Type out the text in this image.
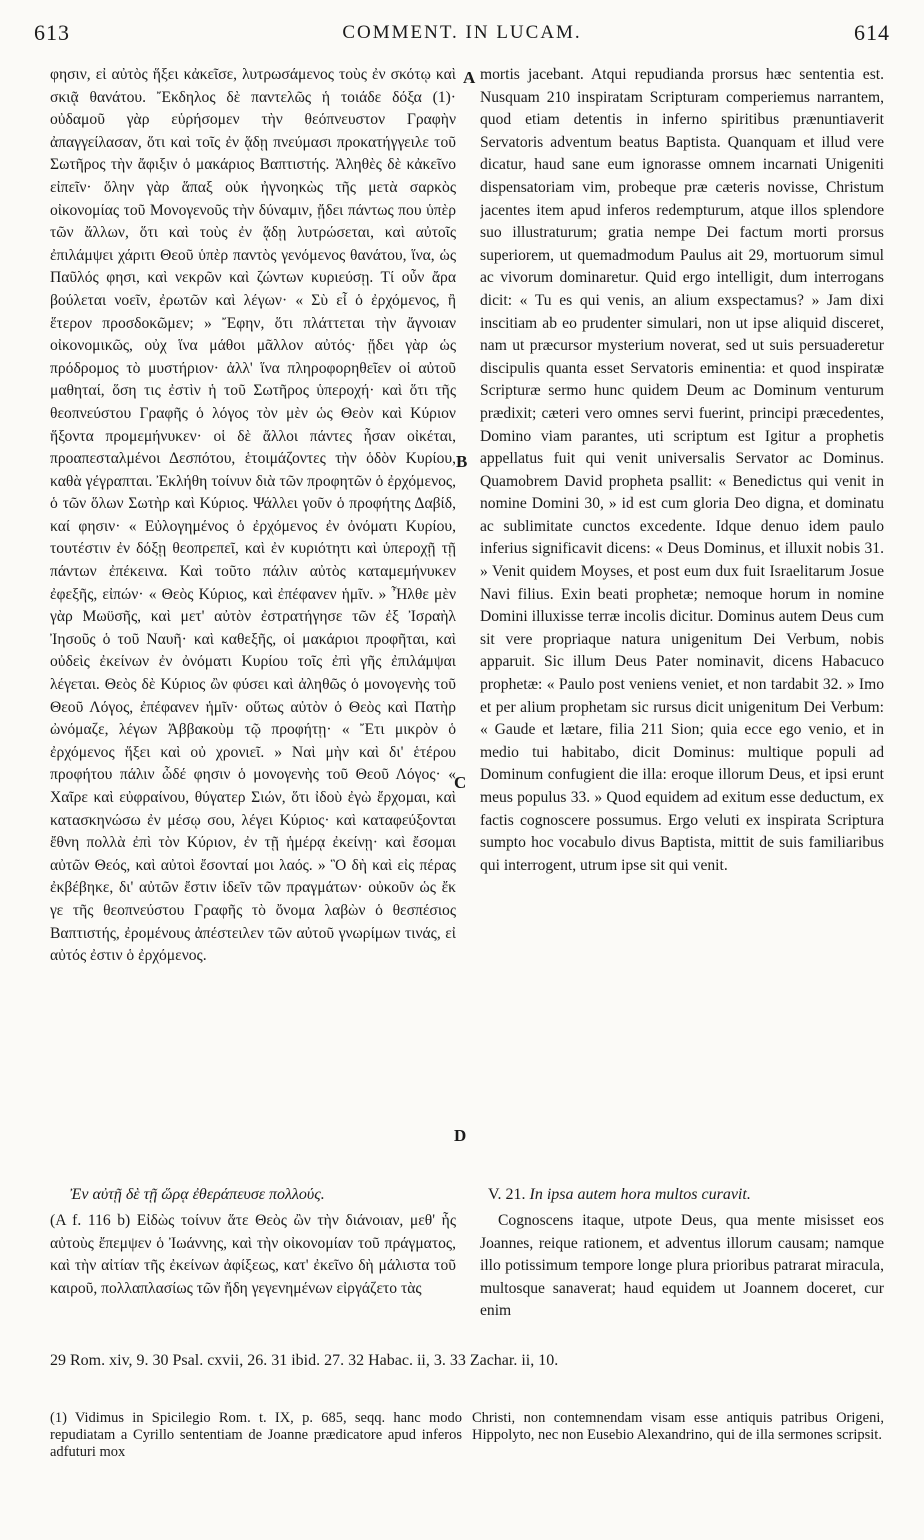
613	COMMENT. IN LUCAM.	614

φησιν, εἰ αὐτὸς ἥξει κἀκεῖσε, λυτρωσάμενος τοὺς ἐν σκότῳ καὶ σκιᾷ θανάτου. Ἔκδηλος δὲ παντελῶς ἡ τοιάδε δόξα (1)· οὐδαμοῦ γὰρ εὑρήσομεν τὴν θεόπνευστον Γραφὴν ἀπαγγείλασαν, ὅτι καὶ τοῖς ἐν ᾅδῃ πνεύμασι προκατήγγειλε τοῦ Σωτῆρος τὴν ἄφιξιν ὁ μακάριος Βαπτιστής. Ἀληθὲς δὲ κἀκεῖνο εἰπεῖν· ὅλην γὰρ ἅπαξ οὐκ ἠγνοηκὼς τῆς μετὰ σαρκὸς οἰκονομίας τοῦ Μονογενοῦς τὴν δύναμιν, ᾔδει πάντως που ὑπὲρ τῶν ἄλλων, ὅτι καὶ τοὺς ἐν ᾅδῃ λυτρώσεται, καὶ αὐτοῖς ἐπιλάμψει χάριτι Θεοῦ ὑπὲρ παντὸς γενόμενος θανάτου, ἵνα, ὡς Παῦλός φησι, καὶ νεκρῶν καὶ ζώντων κυριεύσῃ. Τί οὖν ἄρα βούλεται νοεῖν, ἐρωτῶν καὶ λέγων· « Σὺ εἶ ὁ ἐρχόμενος, ἢ ἕτερον προσδοκῶμεν; » Ἔφην, ὅτι πλάττεται τὴν ἄγνοιαν οἰκονομικῶς, οὐχ ἵνα μάθοι μᾶλλον αὐτός· ᾔδει γὰρ ὡς πρόδρομος τὸ μυστήριον· ἀλλ' ἵνα πληροφορηθεῖεν οἱ αὐτοῦ μαθηταί, ὅση τις ἐστὶν ἡ τοῦ Σωτῆρος ὑπεροχή· καὶ ὅτι τῆς θεοπνεύστου Γραφῆς ὁ λόγος τὸν μὲν ὡς Θεὸν καὶ Κύριον ἥξοντα προμεμήνυκεν· οἱ δὲ ἄλλοι πάντες ἦσαν οἰκέται, προαπεσταλμένοι Δεσπότου, ἑτοιμάζοντες τὴν ὁδὸν Κυρίου, καθὰ γέγραπται. Ἐκλήθη τοίνυν διὰ τῶν προφητῶν ὁ ἐρχόμενος, ὁ τῶν ὅλων Σωτὴρ καὶ Κύριος. Ψάλλει γοῦν ὁ προφήτης Δαβίδ, καί φησιν· « Εὐλογημένος ὁ ἐρχόμενος ἐν ὀνόματι Κυρίου, τουτέστιν ἐν δόξῃ θεοπρεπεῖ, καὶ ἐν κυριότητι καὶ ὑπεροχῇ τῇ πάντων ἐπέκεινα. Καὶ τοῦτο πάλιν αὐτὸς καταμεμήνυκεν ἐφεξῆς, εἰπών· « Θεὸς Κύριος, καὶ ἐπέφανεν ἡμῖν. » Ἦλθε μὲν γὰρ Μωϋσῆς, καὶ μετ' αὐτὸν ἐστρατήγησε τῶν ἐξ Ἰσραὴλ Ἰησοῦς ὁ τοῦ Ναυῆ· καὶ καθεξῆς, οἱ μακάριοι προφῆται, καὶ οὐδεὶς ἐκείνων ἐν ὀνόματι Κυρίου τοῖς ἐπὶ γῆς ἐπιλάμψαι λέγεται. Θεὸς δὲ Κύριος ὢν φύσει καὶ ἀληθῶς ὁ μονογενὴς τοῦ Θεοῦ Λόγος, ἐπέφανεν ἡμῖν· οὕτως αὐτὸν ὁ Θεὸς καὶ Πατὴρ ὠνόμαζε, λέγων Ἀββακοὺμ τῷ προφήτῃ· « Ἔτι μικρὸν ὁ ἐρχόμενος ἥξει καὶ οὐ χρονιεῖ. » Ναὶ μὴν καὶ δι' ἑτέρου προφήτου πάλιν ὧδέ φησιν ὁ μονογενὴς τοῦ Θεοῦ Λόγος· « Χαῖρε καὶ εὐφραίνου, θύγατερ Σιών, ὅτι ἰδοὺ ἐγὼ ἔρχομαι, καὶ κατασκηνώσω ἐν μέσῳ σου, λέγει Κύριος· καὶ καταφεύξονται ἔθνη πολλὰ ἐπὶ τὸν Κύριον, ἐν τῇ ἡμέρᾳ ἐκείνῃ· καὶ ἔσομαι αὐτῶν Θεός, καὶ αὐτοὶ ἔσονταί μοι λαός. » Ὃ δὴ καὶ εἰς πέρας ἐκβέβηκε, δι' αὐτῶν ἔστιν ἰδεῖν τῶν πραγμάτων· οὐκοῦν ὡς ἔκ γε τῆς θεοπνεύστου Γραφῆς τὸ ὄνομα λαβὼν ὁ θεσπέσιος Βαπτιστής, ἐρομένους ἀπέστειλεν τῶν αὐτοῦ γνωρίμων τινάς, εἰ αὐτός ἐστιν ὁ ἐρχόμενος.

A
B
C
D

mortis jacebant. Atqui repudianda prorsus hæc sententia est. Nusquam 210 inspiratam Scripturam comperiemus narrantem, quod etiam detentis in inferno spiritibus prænuntiaverit Servatoris adventum beatus Baptista. Quanquam et illud vere dicatur, haud sane eum ignorasse omnem incarnati Unigeniti dispensatoriam vim, probeque præ cæteris novisse, Christum jacentes item apud inferos redempturum, atque illos splendore suo illustraturum; gratia nempe Dei factum morti prorsus superiorem, ut quemadmodum Paulus ait 29, mortuorum simul ac vivorum dominaretur. Quid ergo intelligit, dum interrogans dicit: « Tu es qui venis, an alium exspectamus? » Jam dixi inscitiam ab eo prudenter simulari, non ut ipse aliquid disceret, nam ut præcursor mysterium noverat, sed ut suis persuaderetur discipulis quanta esset Servatoris eminentia: et quod inspiratæ Scripturæ sermo hunc quidem Deum ac Dominum venturum prædixit; cæteri vero omnes servi fuerint, principi præcedentes, Domino viam parantes, uti scriptum est Igitur a prophetis appellatus fuit qui venit universalis Servator ac Dominus. Quamobrem David propheta psallit: « Benedictus qui venit in nomine Domini 30, » id est cum gloria Deo digna, et dominatu ac sublimitate cunctos excedente. Idque denuo idem paulo inferius significavit dicens: « Deus Dominus, et illuxit nobis 31. » Venit quidem Moyses, et post eum dux fuit Israelitarum Josue Navi filius. Exin beati prophetæ; nemoque horum in nomine Domini illuxisse terræ incolis dicitur. Dominus autem Deus cum sit vere propriaque natura unigenitum Dei Verbum, nobis apparuit. Sic illum Deus Pater nominavit, dicens Habacuco prophetæ: « Paulo post veniens veniet, et non tardabit 32. » Imo et per alium prophetam sic rursus dicit unigenitum Dei Verbum: « Gaude et lætare, filia 211 Sion; quia ecce ego venio, et in medio tui habitabo, dicit Dominus: multique populi ad Dominum confugient die illa: eroque illorum Deus, et ipsi erunt meus populus 33. » Quod equidem ad exitum esse deductum, ex factis cognoscere possumus. Ergo veluti ex inspirata Scriptura sumpto hoc vocabulo divus Baptista, mittit de suis familiaribus qui interrogent, utrum ipse sit qui venit.

Ἐν αὐτῇ δὲ τῇ ὥρᾳ ἐθεράπευσε πολλούς.	V. 21. In ipsa autem hora multos curavit.

(A f. 116 b) Εἰδὼς τοίνυν ἅτε Θεὸς ὢν τὴν διάνοιαν, μεθ' ἧς αὐτοὺς ἔπεμψεν ὁ Ἰωάννης, καὶ τὴν οἰκονομίαν τοῦ πράγματος, καὶ τὴν αἰτίαν τῆς ἐκείνων ἀφίξεως, κατ' ἐκεῖνο δὴ μάλιστα τοῦ καιροῦ, πολλαπλασίως τῶν ἤδη γεγενημένων εἰργάζετο τὰς

Cognoscens itaque, utpote Deus, qua mente misisset eos Joannes, reique rationem, et adventus illorum causam; namque illo potissimum tempore longe plura prioribus patrarat miracula, multosque sanaverat; haud equidem ut Joannem doceret, cur enim

29 Rom. xiv, 9. 30 Psal. cxvii, 26. 31 ibid. 27. 32 Habac. ii, 3. 33 Zachar. ii, 10.
(1) Vidimus in Spicilegio Rom. t. IX, p. 685, seqq. hanc modo repudiatam a Cyrillo sententiam de Joanne prædicatore apud inferos adfuturi mox
Christi, non contemnendam visam esse antiquis patribus Origeni, Hippolyto, nec non Eusebio Alexandrino, qui de illa sermones scripsit.
